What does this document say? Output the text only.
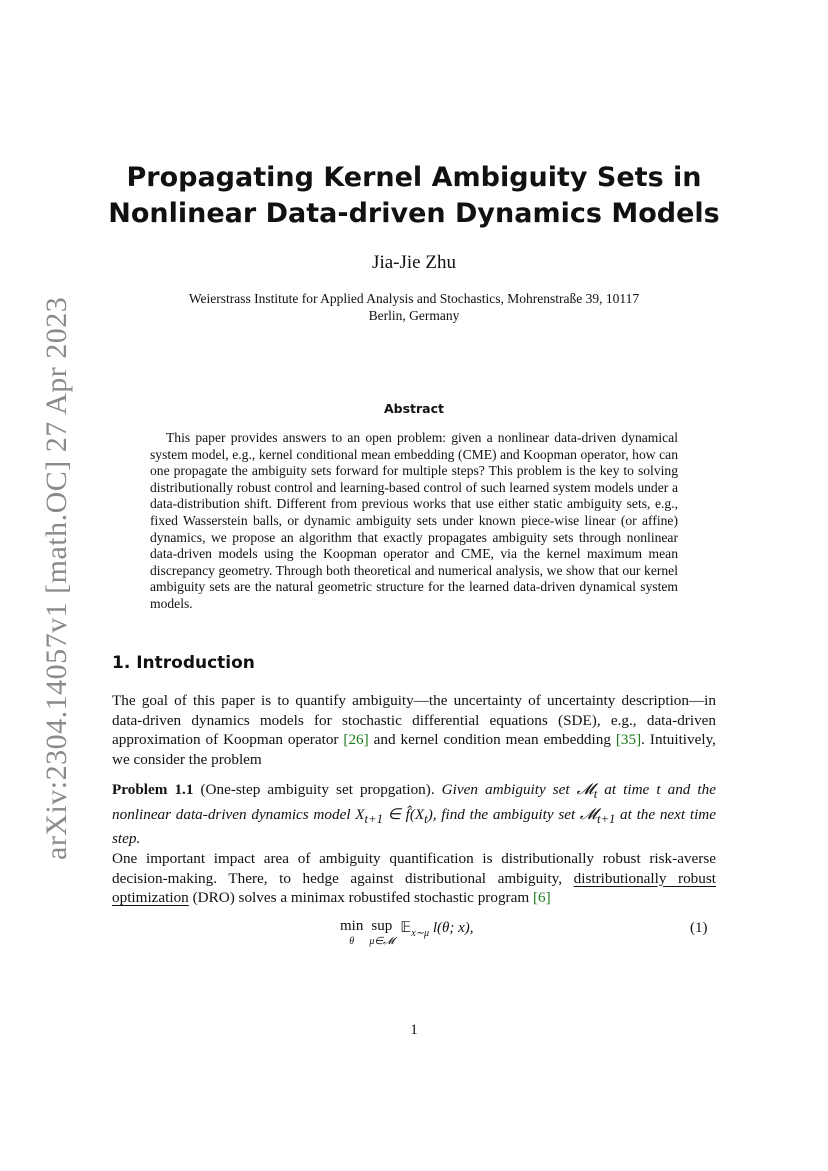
arXiv:2304.14057v1 [math.OC] 27 Apr 2023
Propagating Kernel Ambiguity Sets in
Nonlinear Data-driven Dynamics Models
Jia-Jie Zhu
Weierstrass Institute for Applied Analysis and Stochastics, Mohrenstraße 39, 10117
Berlin, Germany
Abstract
This paper provides answers to an open problem: given a nonlinear data-driven dynamical system model, e.g., kernel conditional mean embedding (CME) and Koopman operator, how can one propagate the ambiguity sets forward for multiple steps? This problem is the key to solving distributionally robust control and learning-based control of such learned system models under a data-distribution shift. Different from previous works that use either static ambiguity sets, e.g., fixed Wasserstein balls, or dynamic ambiguity sets under known piece-wise linear (or affine) dynamics, we propose an algorithm that exactly propagates ambiguity sets through nonlinear data-driven models using the Koopman operator and CME, via the kernel maximum mean discrepancy geometry. Through both theoretical and numerical analysis, we show that our kernel ambiguity sets are the natural geometric structure for the learned data-driven dynamical system models.
1. Introduction
The goal of this paper is to quantify ambiguity—the uncertainty of uncertainty description—in data-driven dynamics models for stochastic differential equations (SDE), e.g., data-driven approximation of Koopman operator [26] and kernel condition mean embedding [35]. Intuitively, we consider the problem
Problem 1.1 (One-step ambiguity set propgation). Given ambiguity set 𝓜$_t$ at time t and the nonlinear data-driven dynamics model $X_{t+1}$ ∈ $f̂(X_t)$, find the ambiguity set 𝓜$_{t+1}$ at the next time step.
One important impact area of ambiguity quantification is distributionally robust risk-averse decision-making. There, to hedge against distributional ambiguity, distributionally robust optimization (DRO) solves a minimax robustifed stochastic program [6]
min
θ
sup
μ∈𝓜
𝔼$_{x\sim\mu}$ l(θ; x),	(1)
1
